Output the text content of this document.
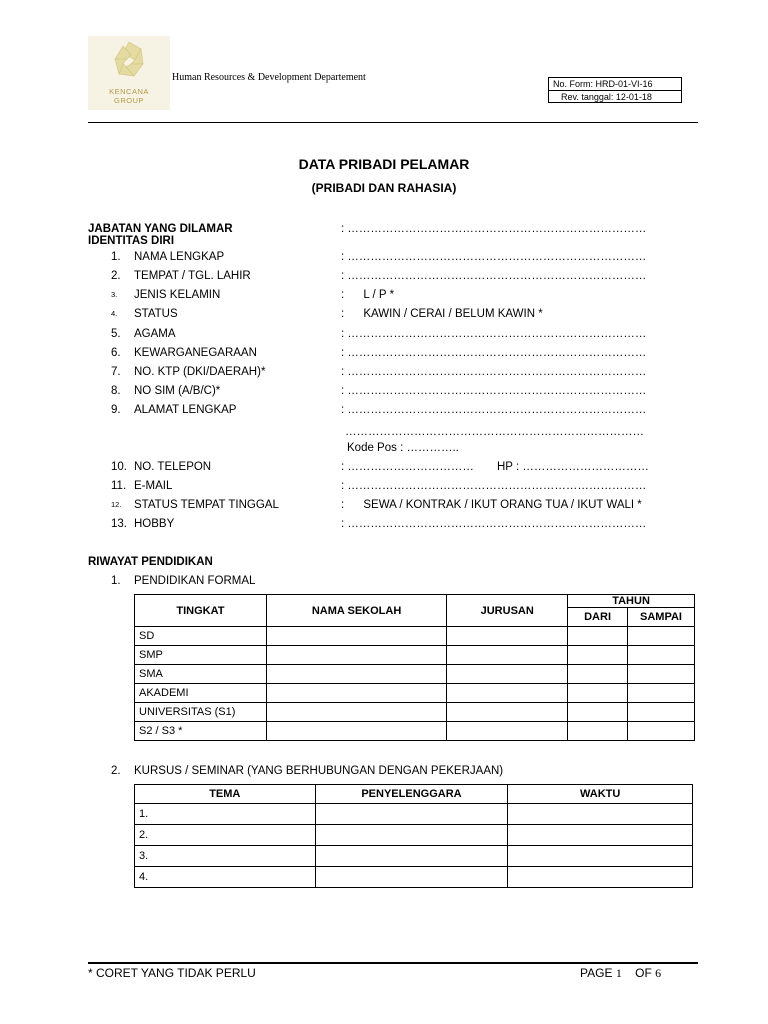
KENCANA
GROUP
Human Resources & Development Departement
No. Form: HRD-01-VI-16
Rev. tanggal: 12-01-18
DATA PRIBADI PELAMAR
(PRIBADI DAN RAHASIA)
JABATAN YANG DILAMAR	: ……………………………………………………………………
IDENTITAS DIRI
1. NAMA LENGKAP	: ……………………………………………………………………
2. TEMPAT / TGL. LAHIR	: ……………………………………………………………………
3. JENIS KELAMIN	:      L / P *
4. STATUS	:      KAWIN / CERAI / BELUM KAWIN *
5. AGAMA	: ……………………………………………………………………
6. KEWARGANEGARAAN	: ……………………………………………………………………
7. NO. KTP (DKI/DAERAH)*	: ……………………………………………………………………
8. NO SIM (A/B/C)*	: ……………………………………………………………………
9. ALAMAT LENGKAP	: ……………………………………………………………………
……………………………………………………………………
Kode Pos : …………..
10. NO. TELEPON	: …………………………… HP : ……………………………
11. E-MAIL	: ……………………………………………………………………
12. STATUS TEMPAT TINGGAL	:      SEWA / KONTRAK / IKUT ORANG TUA / IKUT WALI *
13. HOBBY	: ……………………………………………………………………
RIWAYAT PENDIDIKAN
1. PENDIDIKAN FORMAL
TINGKAT	NAMA SEKOLAH	JURUSAN	TAHUN	
			DARI	SAMPAI
SD				
SMP				
SMA				
AKADEMI				
UNIVERSITAS (S1)				
S2 / S3 *				
2. KURSUS / SEMINAR (YANG BERHUBUNGAN DENGAN PEKERJAAN)
TEMA	PENYELENGGARA	WAKTU
1.		
2.		
3.		
4.		
* CORET YANG TIDAK PERLU	PAGE 1 OF 6
